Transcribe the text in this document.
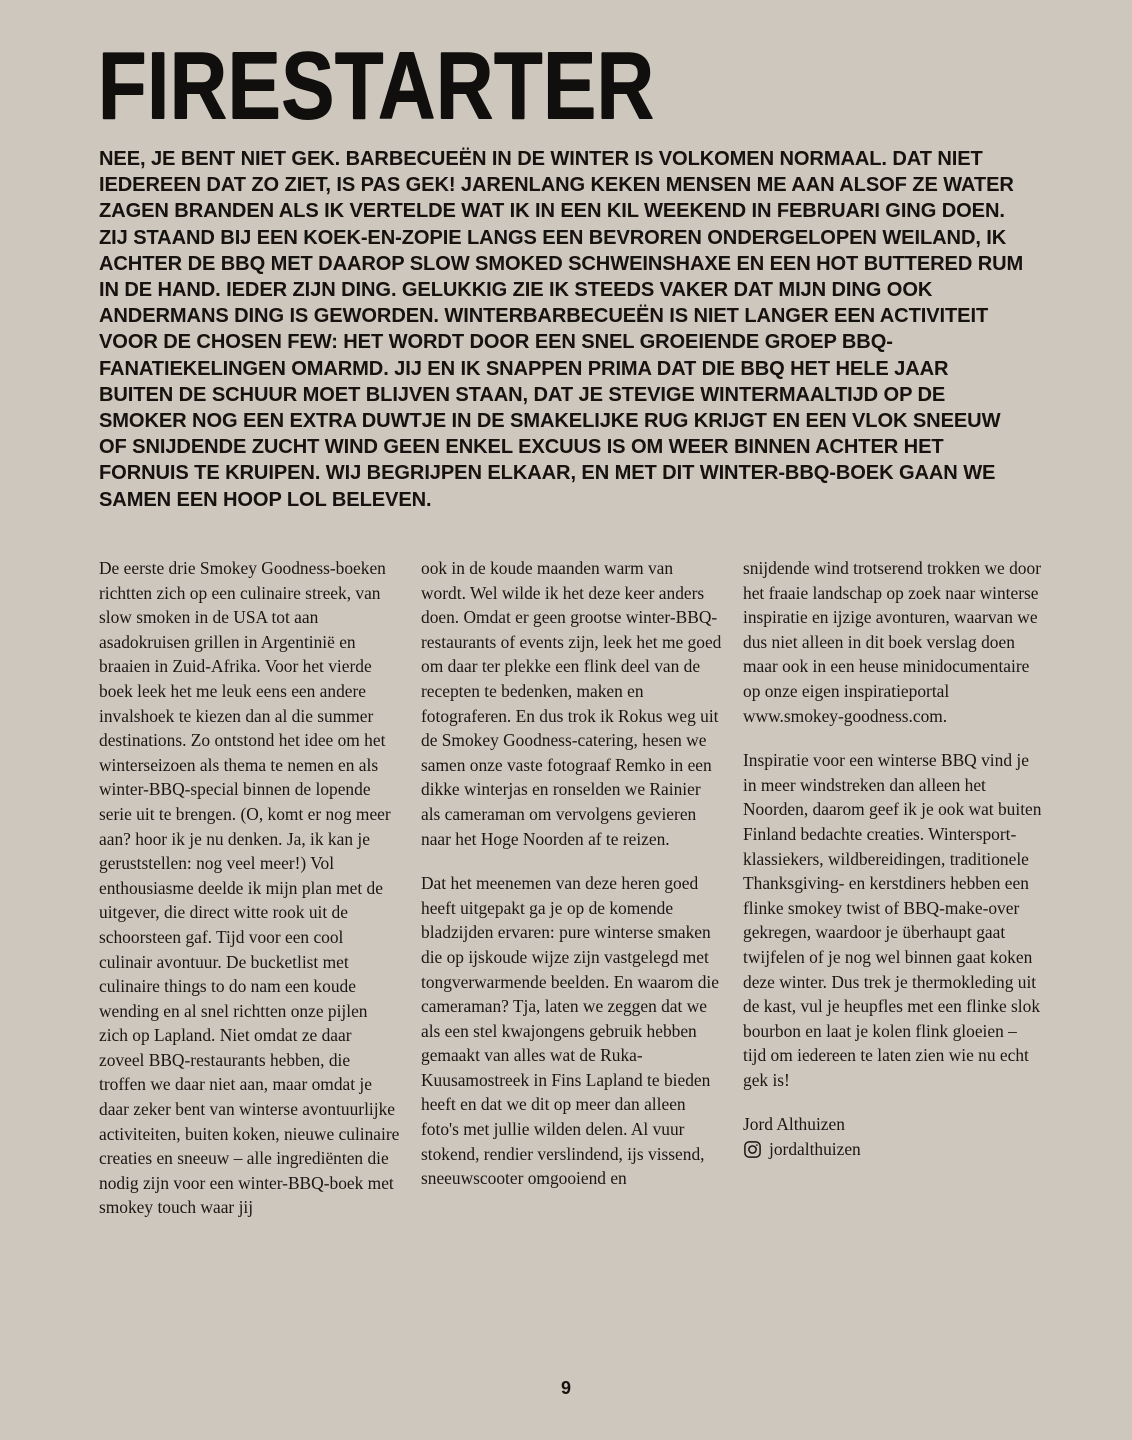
FIRESTARTER

NEE, JE BENT NIET GEK. BARBECUEËN IN DE WINTER IS VOLKOMEN NORMAAL. DAT NIET IEDEREEN DAT ZO ZIET, IS PAS GEK! JARENLANG KEKEN MENSEN ME AAN ALSOF ZE WATER ZAGEN BRANDEN ALS IK VERTELDE WAT IK IN EEN KIL WEEKEND IN FEBRUARI GING DOEN. ZIJ STAAND BIJ EEN KOEK-EN-ZOPIE LANGS EEN BEVROREN ONDERGELOPEN WEILAND, IK ACHTER DE BBQ MET DAAROP SLOW SMOKED SCHWEINSHAXE EN EEN HOT BUTTERED RUM IN DE HAND. IEDER ZIJN DING. GELUKKIG ZIE IK STEEDS VAKER DAT MIJN DING OOK ANDERMANS DING IS GEWORDEN. WINTERBARBECUEËN IS NIET LANGER EEN ACTIVITEIT VOOR DE CHOSEN FEW: HET WORDT DOOR EEN SNEL GROEIENDE GROEP BBQ-FANATIEKELINGEN OMARMD. JIJ EN IK SNAPPEN PRIMA DAT DIE BBQ HET HELE JAAR BUITEN DE SCHUUR MOET BLIJVEN STAAN, DAT JE STEVIGE WINTERMAALTIJD OP DE SMOKER NOG EEN EXTRA DUWTJE IN DE SMAKELIJKE RUG KRIJGT EN EEN VLOK SNEEUW OF SNIJDENDE ZUCHT WIND GEEN ENKEL EXCUUS IS OM WEER BINNEN ACHTER HET FORNUIS TE KRUIPEN. WIJ BEGRIJPEN ELKAAR, EN MET DIT WINTER-BBQ-BOEK GAAN WE SAMEN EEN HOOP LOL BELEVEN.

De eerste drie Smokey Goodness-boeken richtten zich op een culinaire streek, van slow smoken in de USA tot aan asadokruisen grillen in Argentinië en braaien in Zuid-Afrika. Voor het vierde boek leek het me leuk eens een andere invalshoek te kiezen dan al die summer destinations. Zo ontstond het idee om het winterseizoen als thema te nemen en als winter-BBQ-special binnen de lopende serie uit te brengen. (O, komt er nog meer aan? hoor ik je nu denken. Ja, ik kan je geruststellen: nog veel meer!) Vol enthousiasme deelde ik mijn plan met de uitgever, die direct witte rook uit de schoorsteen gaf. Tijd voor een cool culinair avontuur. De bucketlist met culinaire things to do nam een koude wending en al snel richtten onze pijlen zich op Lapland. Niet omdat ze daar zoveel BBQ-restaurants hebben, die troffen we daar niet aan, maar omdat je daar zeker bent van winterse avontuurlijke activiteiten, buiten koken, nieuwe culinaire creaties en sneeuw – alle ingrediënten die nodig zijn voor een winter-BBQ-boek met smokey touch waar jij

ook in de koude maanden warm van wordt. Wel wilde ik het deze keer anders doen. Omdat er geen grootse winter-BBQ-restaurants of events zijn, leek het me goed om daar ter plekke een flink deel van de recepten te bedenken, maken en fotograferen. En dus trok ik Rokus weg uit de Smokey Goodness-catering, hesen we samen onze vaste fotograaf Remko in een dikke winterjas en ronselden we Rainier als cameraman om vervolgens gevieren naar het Hoge Noorden af te reizen.

Dat het meenemen van deze heren goed heeft uitgepakt ga je op de komende bladzijden ervaren: pure winterse smaken die op ijskoude wijze zijn vastgelegd met tongverwarmende beelden. En waarom die cameraman? Tja, laten we zeggen dat we als een stel kwajongens gebruik hebben gemaakt van alles wat de Ruka-Kuusamostreek in Fins Lapland te bieden heeft en dat we dit op meer dan alleen foto's met jullie wilden delen. Al vuur stokend, rendier verslindend, ijs vissend, sneeuwscooter omgooiend en

snijdende wind trotserend trokken we door het fraaie landschap op zoek naar winterse inspiratie en ijzige avonturen, waarvan we dus niet alleen in dit boek verslag doen maar ook in een heuse minidocumentaire op onze eigen inspiratieportal www.smokey-goodness.com.

Inspiratie voor een winterse BBQ vind je in meer windstreken dan alleen het Noorden, daarom geef ik je ook wat buiten Finland bedachte creaties. Wintersport-klassiekers, wildbereidingen, traditionele Thanksgiving- en kerstdiners hebben een flinke smokey twist of BBQ-make-over gekregen, waardoor je überhaupt gaat twijfelen of je nog wel binnen gaat koken deze winter. Dus trek je thermokleding uit de kast, vul je heupfles met een flinke slok bourbon en laat je kolen flink gloeien – tijd om iedereen te laten zien wie nu echt gek is!

Jord Althuizen
jordalthuizen
9
